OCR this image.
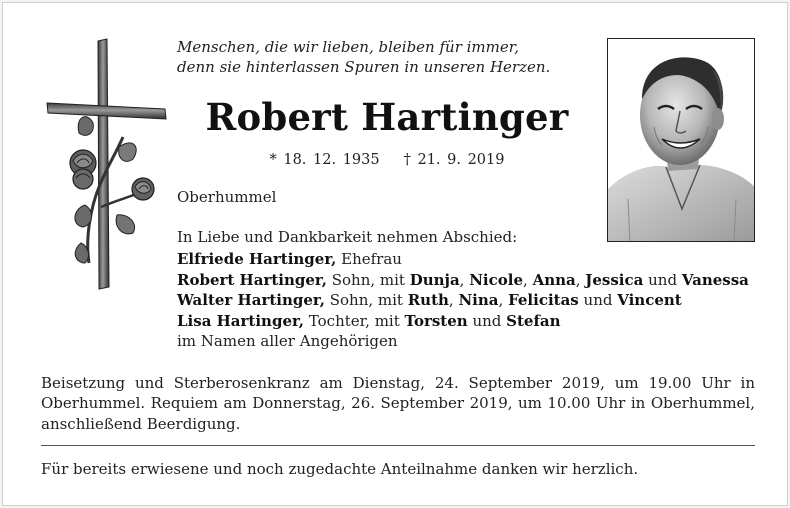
Menschen, die wir lieben, bleiben für immer,
denn sie hinterlassen Spuren in unseren Herzen.
Robert Hartinger
* 18. 12. 1935 † 21. 9. 2019
Oberhummel
In Liebe und Dankbarkeit nehmen Abschied:
Elfriede Hartinger, Ehefrau
Robert Hartinger, Sohn, mit Dunja, Nicole, Anna, Jessica und Vanessa
Walter Hartinger, Sohn, mit Ruth, Nina, Felicitas und Vincent
Lisa Hartinger, Tochter, mit Torsten und Stefan
im Namen aller Angehörigen
Beisetzung und Sterberosenkranz am Dienstag, 24. September 2019, um 19.00 Uhr in Oberhummel. Requiem am Donnerstag, 26. September 2019, um 10.00 Uhr in Oberhummel, anschließend Beerdigung.
Für bereits erwiesene und noch zugedachte Anteilnahme danken wir herzlich.
